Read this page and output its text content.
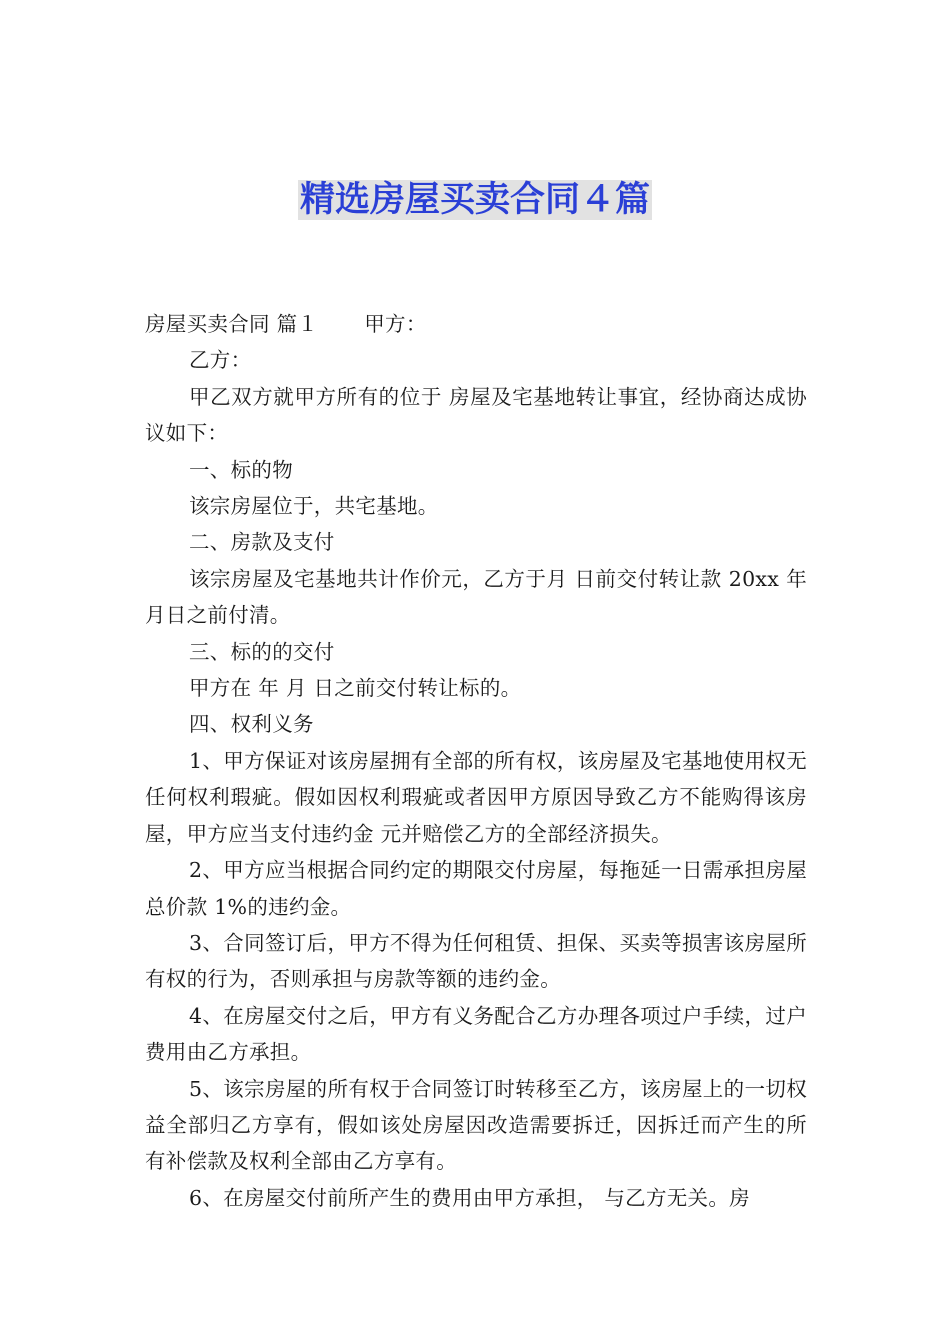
精选房屋买卖合同４篇

房屋买卖合同 篇１ 甲方：

乙方：

甲乙双方就甲方所有的位于 房屋及宅基地转让事宜，经协商达成协议如下：

一、标的物

该宗房屋位于，共宅基地。

二、房款及支付

该宗房屋及宅基地共计作价元，乙方于月 日前交付转让款 20xx 年月日之前付清。

三、标的的交付

甲方在 年 月 日之前交付转让标的。

四、权利义务

1、甲方保证对该房屋拥有全部的所有权，该房屋及宅基地使用权无任何权利瑕疵。假如因权利瑕疵或者因甲方原因导致乙方不能购得该房屋，甲方应当支付违约金 元并赔偿乙方的全部经济损失。

2、甲方应当根据合同约定的期限交付房屋，每拖延一日需承担房屋总价款 1%的违约金。

3、合同签订后，甲方不得为任何租赁、担保、买卖等损害该房屋所有权的行为，否则承担与房款等额的违约金。

4、在房屋交付之后，甲方有义务配合乙方办理各项过户手续，过户费用由乙方承担。

5、该宗房屋的所有权于合同签订时转移至乙方，该房屋上的一切权益全部归乙方享有，假如该处房屋因改造需要拆迁，因拆迁而产生的所有补偿款及权利全部由乙方享有。

6、在房屋交付前所产生的费用由甲方承担， 与乙方无关。房
